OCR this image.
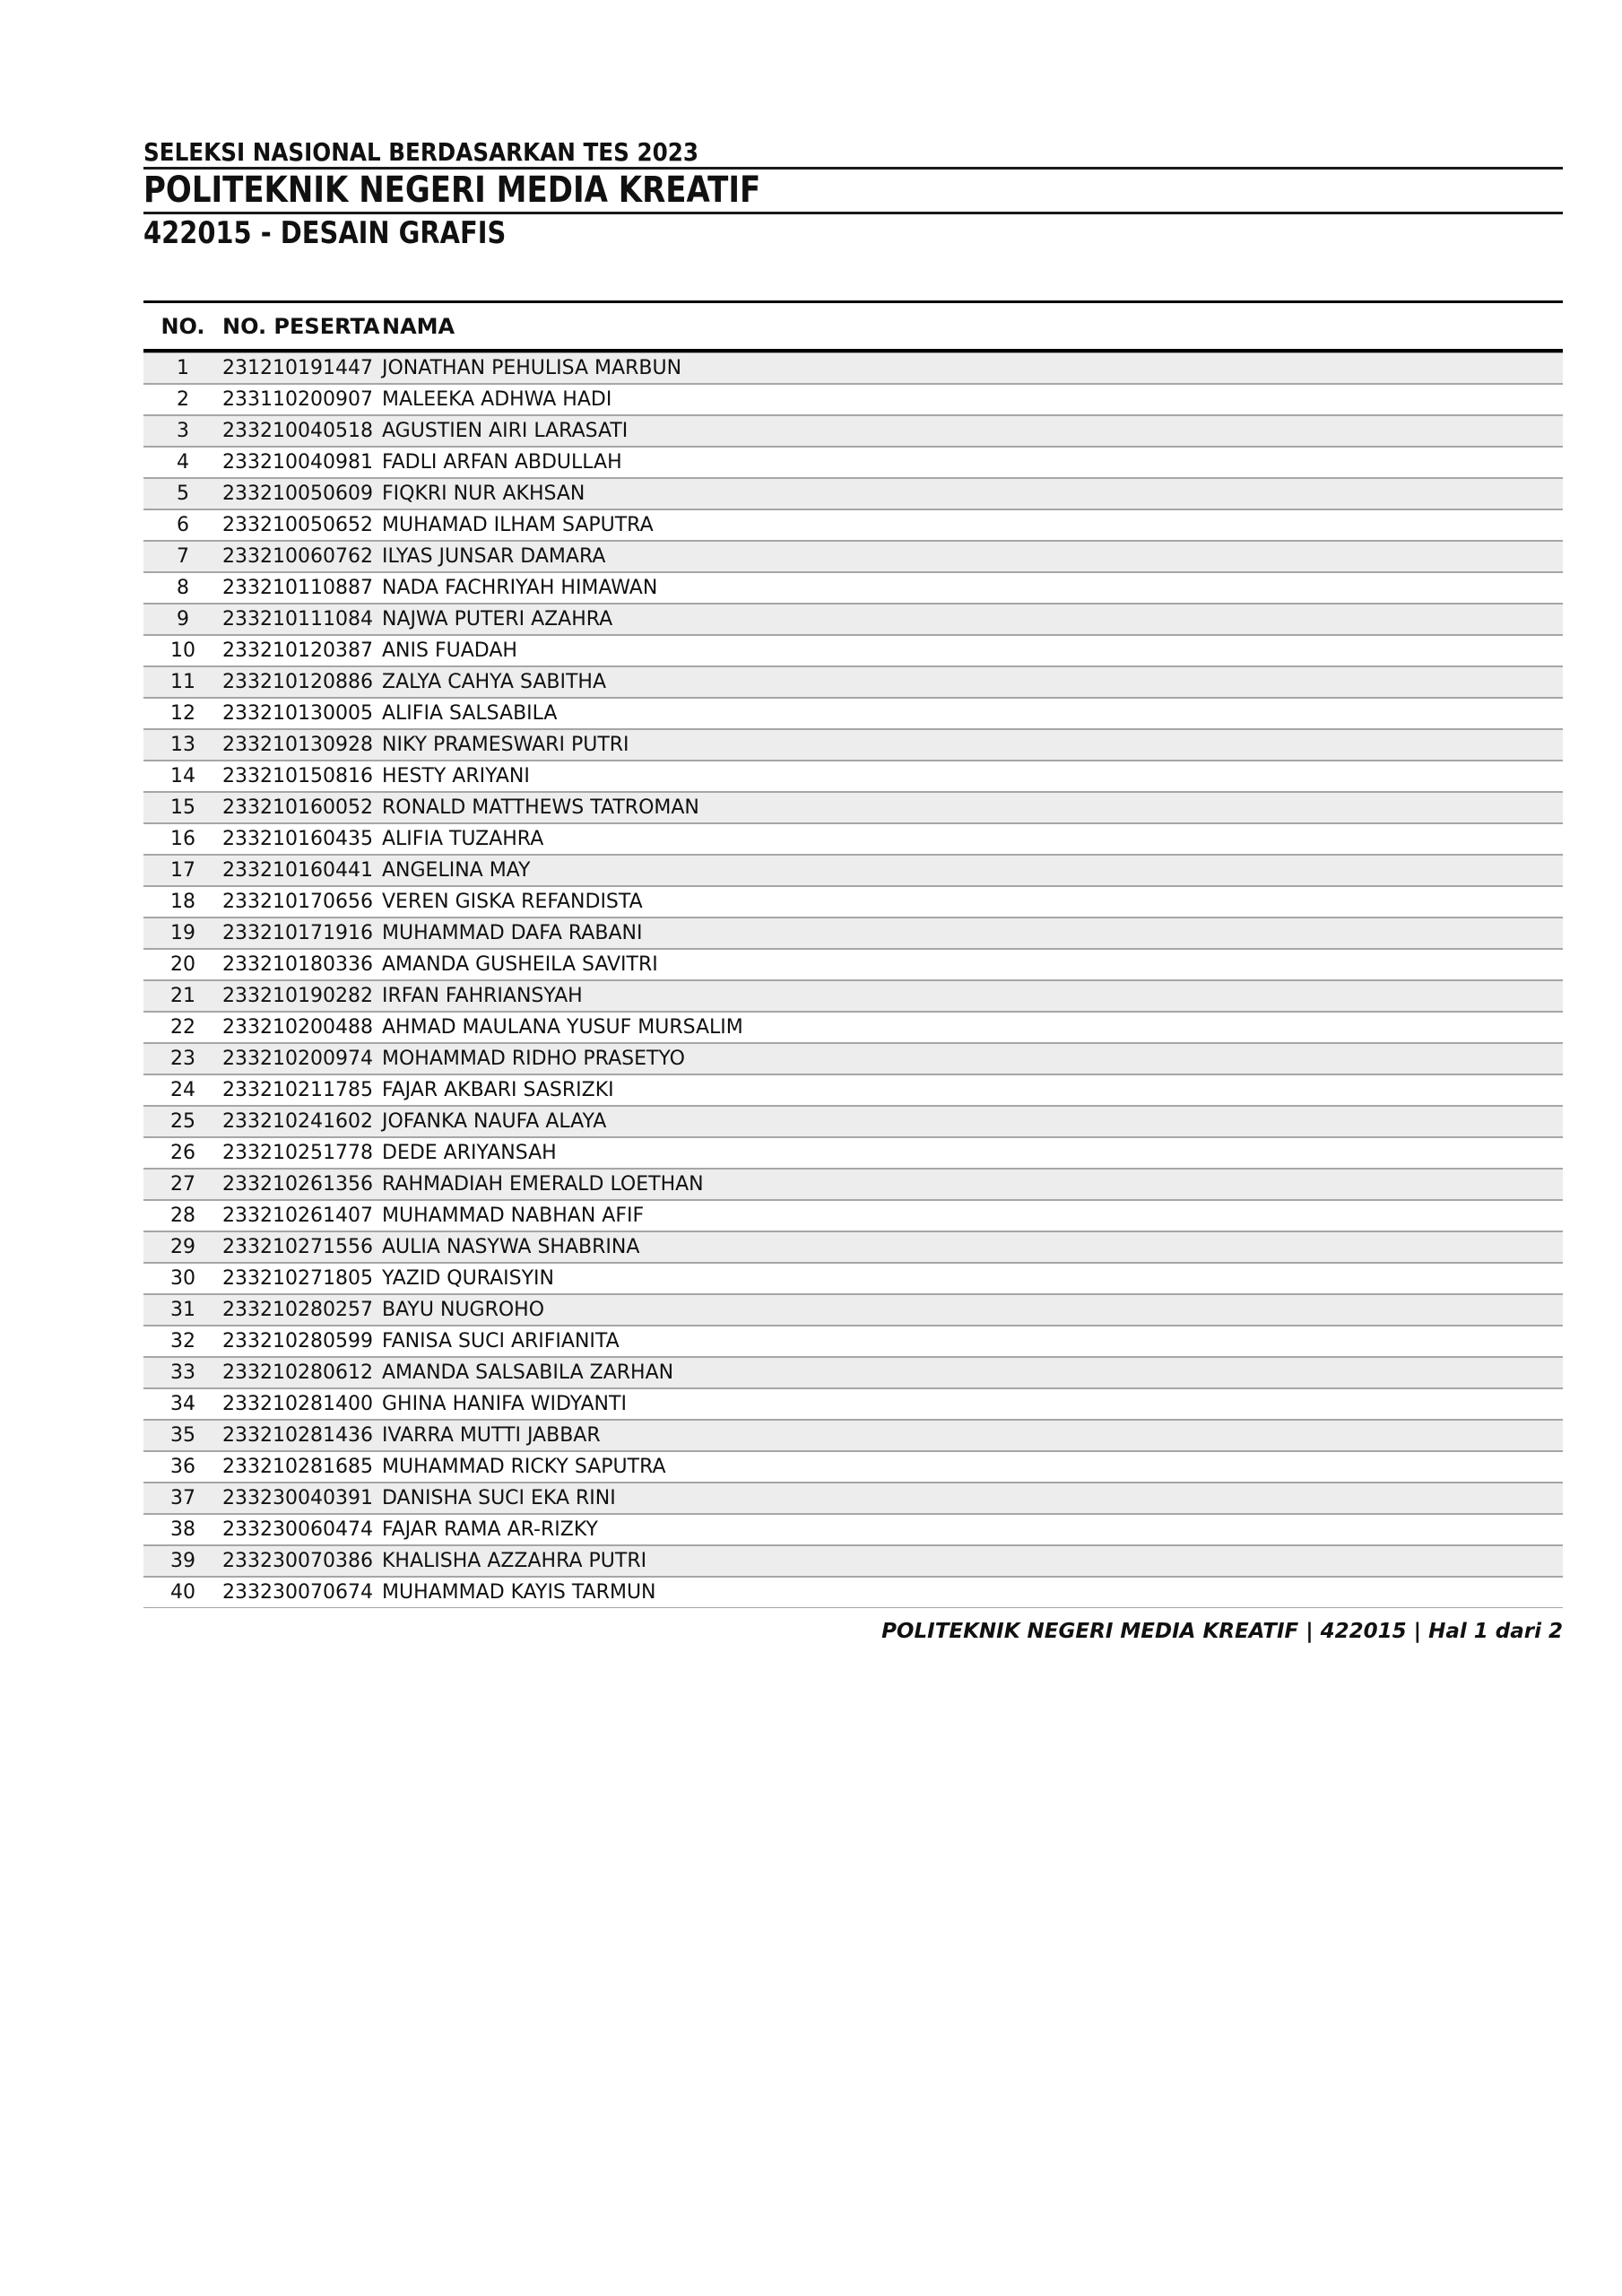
SELEKSI NASIONAL BERDASARKAN TES 2023
POLITEKNIK NEGERI MEDIA KREATIF
422015 - DESAIN GRAFIS
NO. NO. PESERTA NAMA
1	231210191447 JONATHAN PEHULISA MARBUN
2	233110200907 MALEEKA ADHWA HADI
3	233210040518 AGUSTIEN AIRI LARASATI
4	233210040981 FADLI ARFAN ABDULLAH
5	233210050609 FIQKRI NUR AKHSAN
6	233210050652 MUHAMAD ILHAM SAPUTRA
7	233210060762 ILYAS JUNSAR DAMARA
8	233210110887 NADA FACHRIYAH HIMAWAN
9	233210111084 NAJWA PUTERI AZAHRA
10	233210120387 ANIS FUADAH
11	233210120886 ZALYA CAHYA SABITHA
12	233210130005 ALIFIA SALSABILA
13	233210130928 NIKY PRAMESWARI PUTRI
14	233210150816 HESTY ARIYANI
15	233210160052 RONALD MATTHEWS TATROMAN
16	233210160435 ALIFIA TUZAHRA
17	233210160441 ANGELINA MAY
18	233210170656 VEREN GISKA REFANDISTA
19	233210171916 MUHAMMAD DAFA RABANI
20	233210180336 AMANDA GUSHEILA SAVITRI
21	233210190282 IRFAN FAHRIANSYAH
22	233210200488 AHMAD MAULANA YUSUF MURSALIM
23	233210200974 MOHAMMAD RIDHO PRASETYO
24	233210211785 FAJAR AKBARI SASRIZKI
25	233210241602 JOFANKA NAUFA ALAYA
26	233210251778 DEDE ARIYANSAH
27	233210261356 RAHMADIAH EMERALD LOETHAN
28	233210261407 MUHAMMAD NABHAN AFIF
29	233210271556 AULIA NASYWA SHABRINA
30	233210271805 YAZID QURAISYIN
31	233210280257 BAYU NUGROHO
32	233210280599 FANISA SUCI ARIFIANITA
33	233210280612 AMANDA SALSABILA ZARHAN
34	233210281400 GHINA HANIFA WIDYANTI
35	233210281436 IVARRA MUTTI JABBAR
36	233210281685 MUHAMMAD RICKY SAPUTRA
37	233230040391 DANISHA SUCI EKA RINI
38	233230060474 FAJAR RAMA AR-RIZKY
39	233230070386 KHALISHA AZZAHRA PUTRI
40	233230070674 MUHAMMAD KAYIS TARMUN
POLITEKNIK NEGERI MEDIA KREATIF | 422015 | Hal 1 dari 2
